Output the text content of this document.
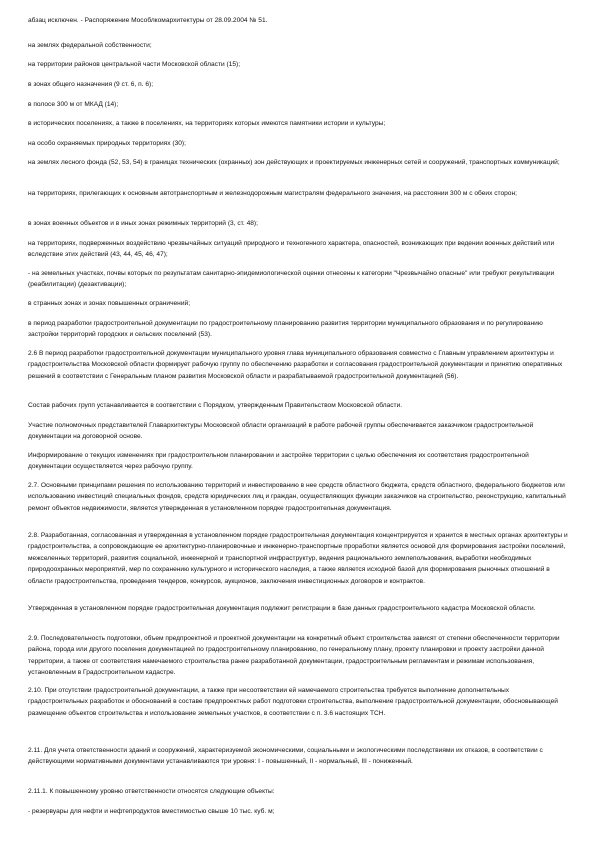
абзац исключен. - Распоряжение Мособлкомархитектуры от 28.09.2004 № 51.

на землях федеральной собственности;

на территории районов центральной части Московской области (15);

в зонах общего назначения (9 ст. 6, п. 6);

в полосе 300 м от МКАД (14);

в исторических поселениях, а также в поселениях, на территориях которых имеются памятники истории и культуры;

на особо охраняемых природных территориях (30);

на землях лесного фонда (52, 53, 54) в границах технических (охранных) зон действующих и проектируемых инженерных сетей и сооружений, транспортных коммуникаций;

на территориях, прилегающих к основным автотранспортным и железнодорожным магистралям федерального значения, на расстоянии 300 м с обеих сторон;

в зонах военных объектов и в иных зонах режимных территорий (3, ст. 48);

на территориях, подверженных воздействию чрезвычайных ситуаций природного и техногенного характера, опасностей, возникающих при ведении военных действий или вследствие этих действий (43, 44, 45, 46, 47);

- на земельных участках, почвы которых по результатам санитарно-эпидемиологической оценки отнесены к категории "Чрезвычайно опасные" или требуют рекультивации (реабилитации) (дезактивации);

в странных зонах и зонах повышенных ограничений;

в период разработки градостроительной документации по градостроительному планированию развития территории муниципального образования и по регулированию застройки территорий городских и сельских поселений (53).

2.6 В период разработки градостроительной документации муниципального уровня глава муниципального образования совместно с Главным управлением архитектуры и градостроительства Московской области формирует рабочую группу по обеспечению разработки и согласования градостроительной документации и принятию оперативных решений в соответствии с Генеральным планом развития Московской области и разрабатываемой градостроительной документацией (56).

Состав рабочих групп устанавливается в соответствии с Порядком, утвержденным Правительством Московской области.

Участие полномочных представителей Главархитектуры Московской области организаций в работе рабочей группы обеспечивается заказчиком градостроительной документации на договорной основе.

Информирование о текущих изменениях при градостроительном планировании и застройке территории с целью обеспечения их соответствия градостроительной документации осуществляется через рабочую группу.

2.7. Основными принципами решения по использованию территорий и инвестированию в нее средств областного бюджета, средств областного, федерального бюджетов или использованию инвестиций специальных фондов, средств юридических лиц и граждан, осуществляющих функции заказчиков на строительство, реконструкцию, капитальный ремонт объектов недвижимости, является утвержденная в установленном порядке градостроительная документация.

2.8. Разработанная, согласованная и утвержденная в установленном порядке градостроительная документация концентрируется и хранится в местных органах архитектуры и градостроительства, а сопровождающие ее архитектурно-планировочные и инженерно-транспортные проработки является основой для формирования застройки поселений, межселенных территорий, развития социальной, инженерной и транспортной инфраструктур, ведения рационального землепользования, выработки необходимых природоохранных мероприятий, мер по сохранению культурного и исторического наследия, а также является исходной базой для формирования рыночных отношений в области градостроительства, проведения тендеров, конкурсов, аукционов, заключения инвестиционных договоров и контрактов.

Утвержденная в установленном порядке градостроительная документация подлежит регистрации в базе данных градостроительного кадастра Московской области.

2.9. Последовательность подготовки, объем предпроектной и проектной документации на конкретный объект строительства зависят от степени обеспеченности территории района, города или другого поселения документацией по градостроительному планированию, по генеральному плану, проекту планировки и проекту застройки данной территории, а также от соответствия намечаемого строительства ранее разработанной документации, градостроительным регламентам и режимам использования, установленным в Градостроительном кадастре.

2.10. При отсутствии градостроительной документации, а также при несоответствии ей намечаемого строительства требуется выполнение дополнительных градостроительных разработок и обоснований в составе предпроектных работ подготовки строительства, выполнение градостроительной документации, обосновывающей размещение объектов строительства и использование земельных участков, в соответствии с п. 3.6 настоящих ТСН.

2.11. Для учета ответственности зданий и сооружений, характеризуемой экономическими, социальными и экологическими последствиями их отказов, в соответствии с действующими нормативными документами устанавливаются три уровня: I - повышенный, II - нормальный, III - пониженный.

2.11.1. К повышенному уровню ответственности относятся следующие объекты:

- резервуары для нефти и нефтепродуктов вместимостью свыше 10 тыс. куб. м;
